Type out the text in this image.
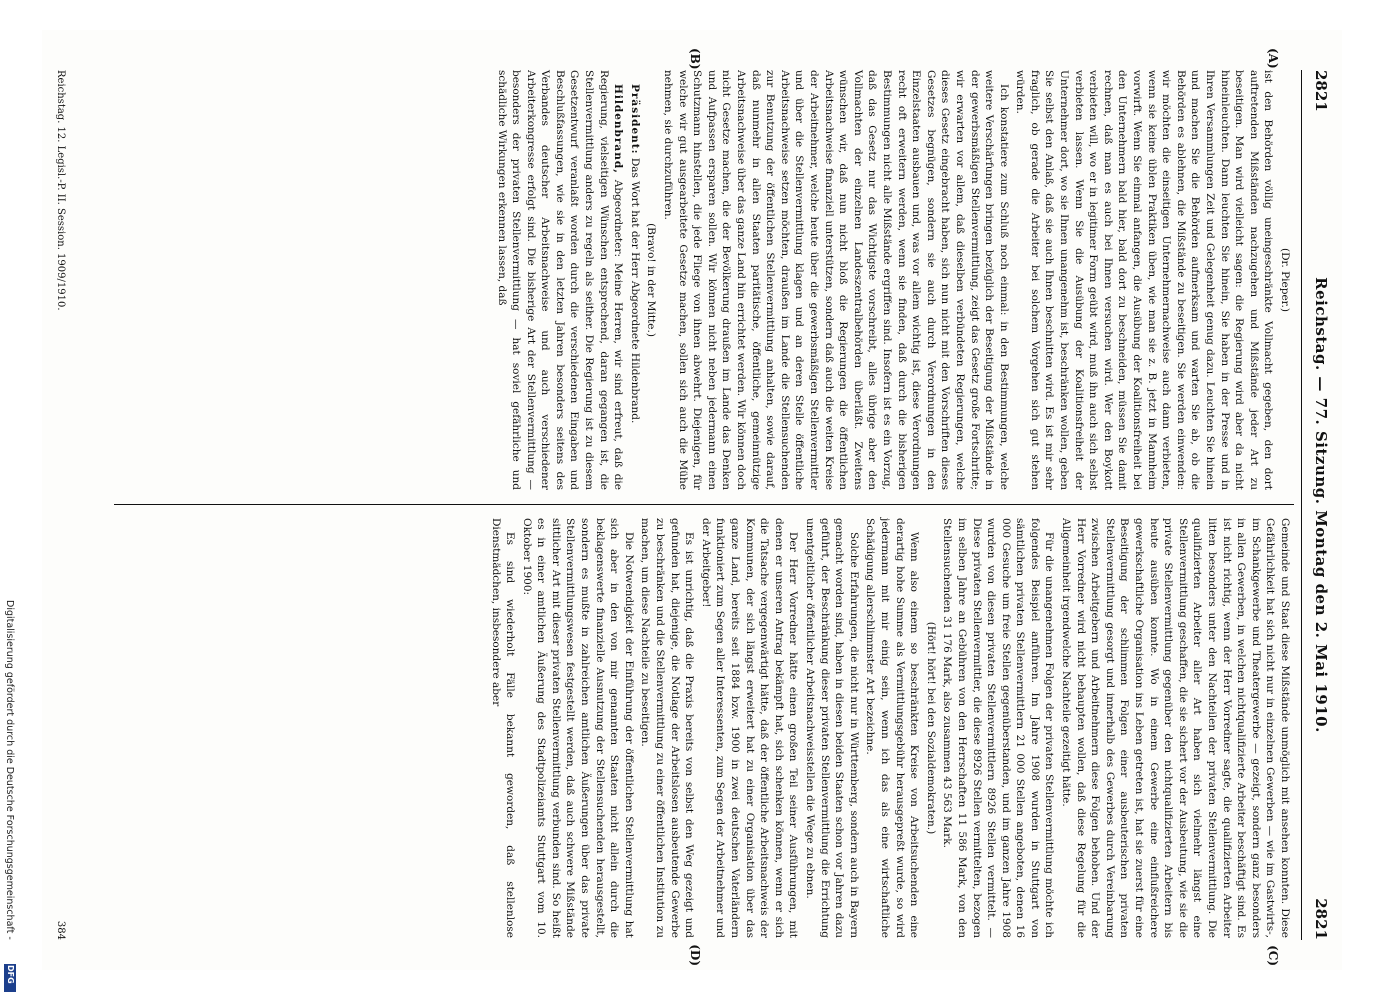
2821
Reichstag. — 77. Sitzung. Montag den 2. Mai 1910.
2821
(A)
(B)
(C)
(D)

(Dr. Pieper.)

ist den Behörden völlig uneingeschränkte Vollmacht gegeben, den dort auftretenden Mißständen nachzugehen und Mißstände jeder Art zu beseitigen. Man wird vielleicht sagen: die Regierung wird aber da nicht hineinleuchten. Dann leuchten Sie hinein, Sie haben in der Presse und in Ihren Versammlungen Zeit und Gelegenheit genug dazu. Leuchten Sie hinein und machen Sie die Behörden aufmerksam und warten Sie ab, ob die Behörden es ablehnen, die Mißstände zu beseitigen. Sie werden einwenden: wir möchten die einseitigen Unternehmernachweise auch dann verbieten, wenn sie keine üblen Praktiken üben, wie man sie z. B. jetzt in Mannheim vorwirft. Wenn Sie einmal anfangen, die Ausübung der Koalitionsfreiheit bei den Unternehmern bald hier, bald dort zu beschneiden, müssen Sie damit rechnen, daß man es auch bei Ihnen versuchen wird. Wer den Boykott verbieten will, wo er in legitimer Form geübt wird, muß ihn auch sich selbst verbieten lassen. Wenn Sie die Ausübung der Koalitionsfreiheit der Unternehmer dort, wo sie Ihnen unangenehm ist, beschränken wollen, geben Sie selbst den Anlaß, daß sie auch Ihnen beschnitten wird. Es ist mir sehr fraglich, ob gerade die Arbeiter bei solchem Vorgehen sich gut stehen würden.

Ich konstatiere zum Schluß noch einmal: in den Bestimmungen, welche weitere Verschärfungen bringen bezüglich der Beseitigung der Mißstände in der gewerbsmäßigen Stellenvermittlung, zeigt das Gesetz große Fortschritte; wir erwarten vor allem, daß dieselben verbündeten Regierungen, welche dieses Gesetz eingebracht haben, sich nun nicht mit den Vorschriften dieses Gesetzes begnügen, sondern sie auch durch Verordnungen in den Einzelstaaten ausbauen und, was vor allem wichtig ist, diese Verordnungen recht oft erweitern werden, wenn sie finden, daß durch die bisherigen Bestimmungen nicht alle Mißstände ergriffen sind. Insofern ist es ein Vorzug, daß das Gesetz nur das Wichtigste vorschreibt, alles übrige aber den Vollmachten der einzelnen Landeszentralbehörden überläßt. Zweitens wünschen wir, daß nun nicht bloß die Regierungen die öffentlichen Arbeitsnachweise finanziell unterstützen, sondern daß auch die weiten Kreise der Arbeitnehmer, welche heute über die gewerbsmäßigen Stellenvermittler und über die Stellenvermittlung klagen und an deren Stelle öffentliche Arbeitsnachweise setzen möchten, draußen im Lande die Stellensuchenden zur Benutzung der öffentlichen Stellenvermittlung anhalten, sowie darauf, daß nunmehr in allen Staaten paritätische, öffentliche, gemeinnützige Arbeitsnachweise über das ganze Land hin errichtet werden. Wir können doch nicht Gesetze machen, die der Bevölkerung draußen im Lande das Denken und Aufpassen ersparen sollen. Wir können nicht neben jedermann einen Schutzmann hinstellen, die jede Fliege von ihnen abwehrt. Diejenigen, für welche wir gut ausgearbeitete Gesetze machen, sollen sich auch die Mühe nehmen, sie durchzuführen.

(Bravo! in der Mitte.)

Präsident: Das Wort hat der Herr Abgeordnete Hildenbrand.

Hildenbrand, Abgeordneter: Meine Herren, wir sind erfreut, daß die Regierung, vielseitigen Wünschen entsprechend, daran gegangen ist, die Stellenvermittlung anders zu regeln als seither. Die Regierung ist zu diesem Gesetzentwurf veranlaßt worden durch die verschiedenen Eingaben und Beschlußfassungen, wie sie in den letzten Jahren besonders seitens des Verbandes deutscher Arbeitsnachweise und auch verschiedener Arbeiterkongresse erfolgt sind. Die bisherige Art der Stellenvermittlung — besonders der privaten Stellenvermittlung — hat soviel gefährliche und schädliche Wirkungen erkennen lassen, daß

Gemeinde und Staat diese Mißstände unmöglich mit ansehen konnten. Diese Gefährlichkeit hat sich nicht nur in einzelnen Gewerben — wie im Gastwirts-, im Schankgewerbe und Theatergewerbe — gezeigt, sondern ganz besonders in allen Gewerben, in welchen nichtqualifizierte Arbeiter beschäftigt sind. Es ist nicht richtig, wenn der Herr Vorredner sagte, die qualifizierten Arbeiter litten besonders unter den Nachteilen der privaten Stellenvermittlung. Die qualifizierten Arbeiter aller Art haben sich vielmehr längst eine Stellenvermittlung geschaffen, die sie sichert vor der Ausbeutung, wie sie die private Stellenvermittlung gegenüber den nichtqualifizierten Arbeitern bis heute ausüben konnte. Wo in einem Gewerbe eine einflußreichere gewerkschaftliche Organisation ins Leben getreten ist, hat sie zuerst für eine Beseitigung der schlimmen Folgen einer ausbeuterischen privaten Stellenvermittlung gesorgt und innerhalb des Gewerbes durch Vereinbarung zwischen Arbeitgebern und Arbeitnehmern diese Folgen behoben. Und der Herr Vorredner wird nicht behaupten wollen, daß diese Regelung für die Allgemeinheit irgendwelche Nachteile gezeitigt hätte.

Für die unangenehmen Folgen der privaten Stellenvermittlung möchte ich folgendes Beispiel anführen. Im Jahre 1908 wurden in Stuttgart von sämtlichen privaten Stellenvermittlern 21 000 Stellen angeboten, denen 16 000 Gesuche um freie Stellen gegenüberstanden, und im ganzen Jahre 1908 wurden von diesen privaten Stellenvermittlern 8926 Stellen vermittelt. — Diese privaten Stellenvermittler, die diese 8926 Stellen vermittelten, bezogen im selben Jahre an Gebühren von den Herrschaften 11 586 Mark, von den Stellensuchenden 31 176 Mark, also zusammen 43 563 Mark.

(Hört! hört! bei den Sozialdemokraten.)

Wenn also einem so beschränkten Kreise von Arbeitsuchenden eine derartig hohe Summe als Vermittlungsgebühr herausgepreßt wurde, so wird jedermann mit mir einig sein, wenn ich das als eine wirtschaftliche Schädigung allerschlimmster Art bezeichne.

Solche Erfahrungen, die nicht nur in Württemberg, sondern auch in Bayern gemacht worden sind, haben in diesen beiden Staaten schon vor Jahren dazu geführt, der Beschränkung dieser privaten Stellenvermittlung die Errichtung unentgeltlicher öffentlicher Arbeitsnachweisstellen die Wege zu ebnen.

Der Herr Vorredner hätte einen großen Teil seiner Ausführungen, mit denen er unseren Antrag bekämpft hat, sich schenken können, wenn er sich die Tatsache vergegenwärtigt hätte, daß der öffentliche Arbeitsnachweis der Kommunen, der sich längst erweitert hat zu einer Organisation über das ganze Land, bereits seit 1884 bzw. 1900 in zwei deutschen Vaterländern funktioniert zum Segen aller Interessenten, zum Segen der Arbeitnehmer und der Arbeitgeber!

Es ist unrichtig, daß die Praxis bereits von selbst den Weg gezeigt und gefunden hat, diejenige, die Notlage der Arbeitslosen ausbeutende Gewerbe zu beschränken und die Stellenvermittlung zu einer öffentlichen Institution zu machen, um diese Nachteile zu beseitigen.

Die Notwendigkeit der Einführung der öffentlichen Stellenvermittlung hat sich aber in den von mir genannten Staaten nicht allein durch die beklagenswerte finanzielle Ausnutzung der Stellensuchenden herausgestellt, sondern es mußte in zahlreichen amtlichen Äußerungen über das private Stellenvermittlungswesen festgestellt werden, daß auch schwere Mißstände sittlicher Art mit dieser privaten Stellenvermittlung verbunden sind. So heißt es in einer amtlichen Äußerung des Stadtpolizeiamts Stuttgart vom 10. Oktober 1900:

Es sind wiederholt Fälle bekannt geworden, daß stellenlose Dienstmädchen, insbesondere aber

Reichstag. 12. Legisl.-P. II. Session. 1909/1910.
384
Digitalisierung gefördert durch die Deutsche Forschungsgemeinschaft -
DFG
